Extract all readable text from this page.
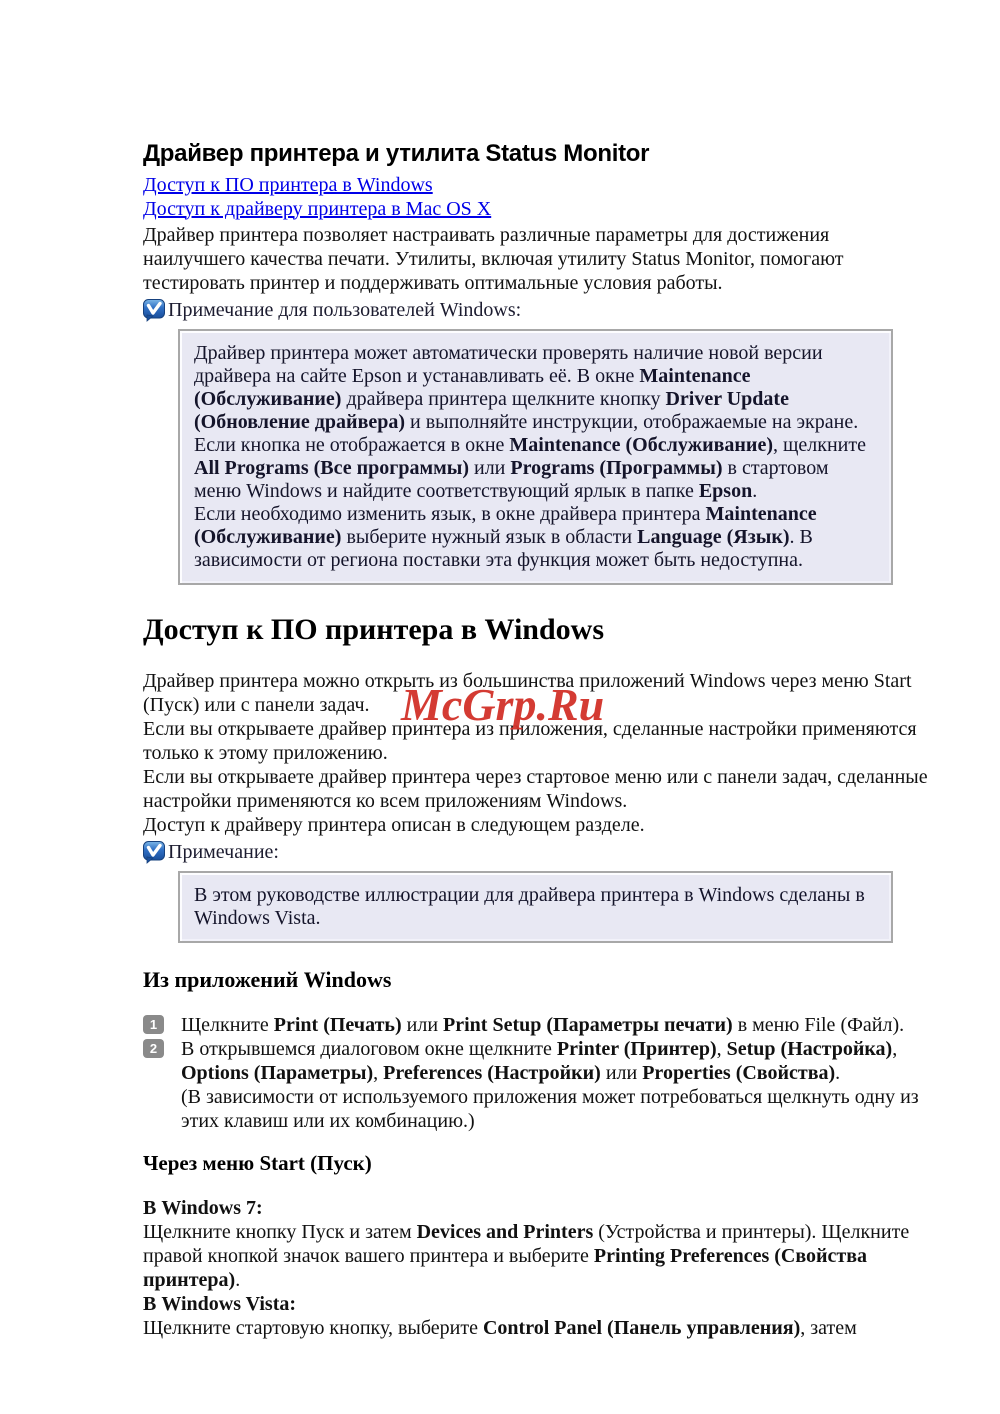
Драйвер принтера и утилита Status Monitor
Доступ к ПО принтера в Windows
Доступ к драйверу принтера в Mac OS X

Драйвер принтера позволяет настраивать различные параметры для достижения наилучшего качества печати. Утилиты, включая утилиту Status Monitor, помогают тестировать принтер и поддерживать оптимальные условия работы.

Примечание для пользователей Windows:

Драйвер принтера может автоматически проверять наличие новой версии драйвера на сайте Epson и устанавливать её. В окне Maintenance (Обслуживание) драйвера принтера щелкните кнопку Driver Update (Обновление драйвера) и выполняйте инструкции, отображаемые на экране. Если кнопка не отображается в окне Maintenance (Обслуживание), щелкните All Programs (Все программы) или Programs (Программы) в стартовом меню Windows и найдите соответствующий ярлык в папке Epson.

Если необходимо изменить язык, в окне драйвера принтера Maintenance (Обслуживание) выберите нужный язык в области Language (Язык). В зависимости от региона поставки эта функция может быть недоступна.

Доступ к ПО принтера в Windows

Драйвер принтера можно открыть из большинства приложений Windows через меню Start (Пуск) или с панели задач.

Если вы открываете драйвер принтера из приложения, сделанные настройки применяются только к этому приложению.

Если вы открываете драйвер принтера через стартовое меню или с панели задач, сделанные настройки применяются ко всем приложениям Windows.

Доступ к драйверу принтера описан в следующем разделе.

Примечание:

В этом руководстве иллюстрации для драйвера принтера в Windows сделаны в Windows Vista.

Из приложений Windows
1	Щелкните Print (Печать) или Print Setup (Параметры печати) в меню File (Файл).
2	В открывшемся диалоговом окне щелкните Printer (Принтер), Setup (Настройка), Options (Параметры), Preferences (Настройки) или Properties (Свойства).
(В зависимости от используемого приложения может потребоваться щелкнуть одну из этих клавиш или их комбинацию.)
Через меню Start (Пуск)
В Windows 7:
Щелкните кнопку Пуск и затем Devices and Printers (Устройства и принтеры). Щелкните правой кнопкой значок вашего принтера и выберите Printing Preferences (Свойства принтера).
В Windows Vista:
Щелкните стартовую кнопку, выберите Control Panel (Панель управления), затем
McGrp.Ru
